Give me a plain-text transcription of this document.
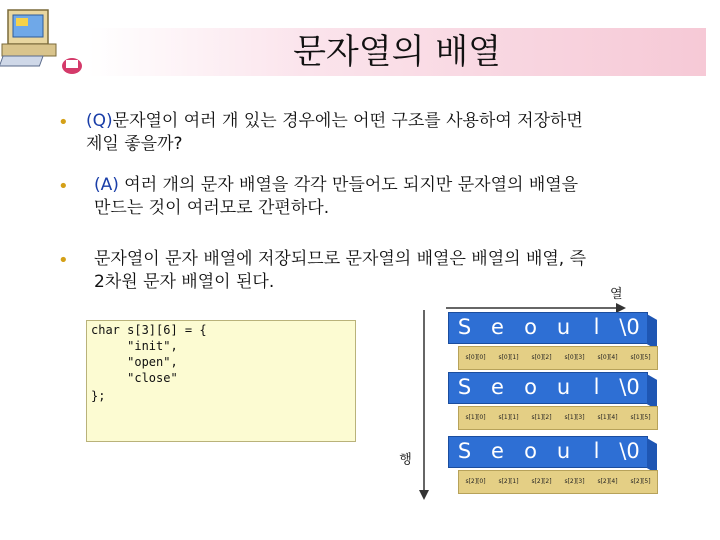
문자열의 배열
• (Q)문자열이 여러 개 있는 경우에는 어떤 구조를 사용하여 저장하면
제일 좋을까?
• (A) 여러 개의 문자 배열을 각각 만들어도 되지만 문자열의 배열을
만드는 것이 여러모로 간편하다.
• 문자열이 문자 배열에 저장되므로 문자열의 배열은 배열의 배열, 즉
2차원 문자 배열이 된다.
열
행
char s[3][6] = {
"init",
"open",
"close"
};
S e o u	l \0
s[0][0]	s[0][1]	s[0][2]	s[0][3]	s[0][4]	s[0][5]
S e o u	l \0
s[1][0]	s[1][1]	s[1][2]	s[1][3]	s[1][4]	s[1][5]
S e o u	l \0
s[2][0]	s[2][1]	s[2][2]	s[2][3]	s[2][4]	s[2][5]
